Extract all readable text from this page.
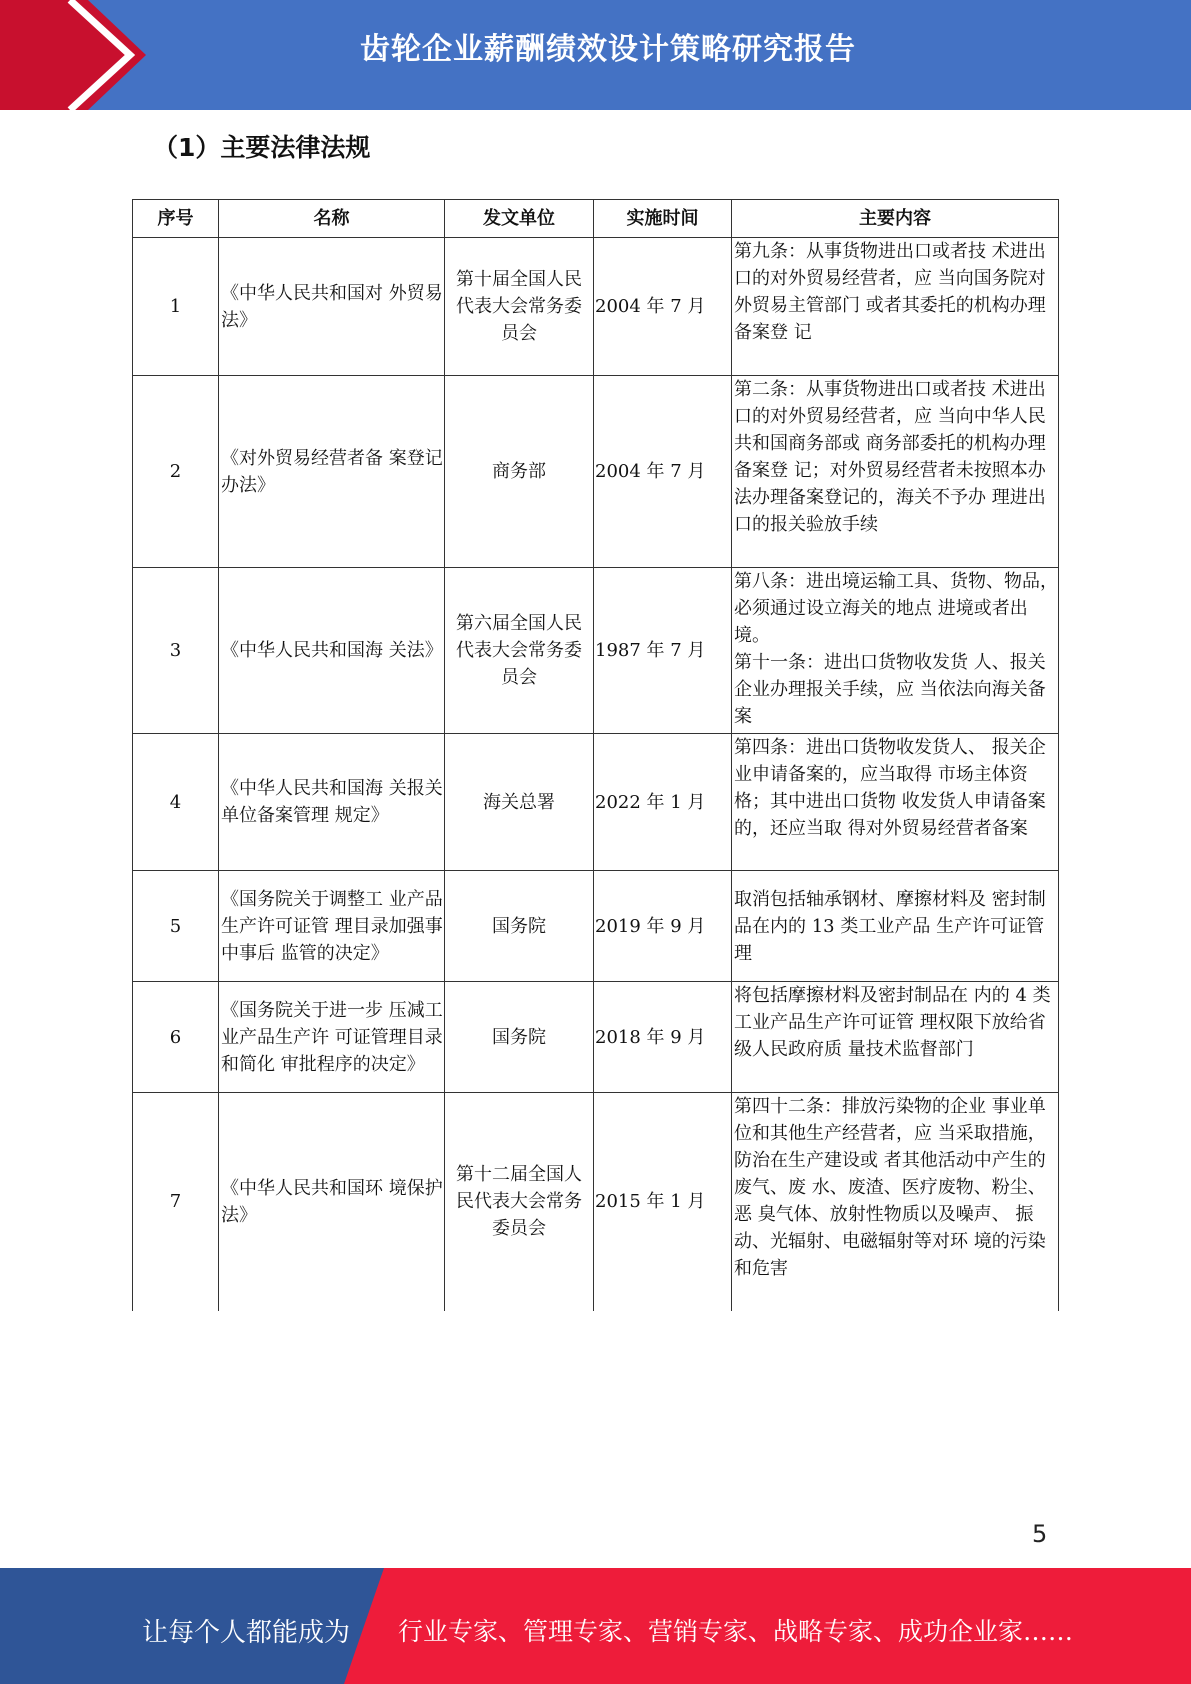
齿轮企业薪酬绩效设计策略研究报告
（1）主要法律法规
序号	名称	发文单位	实施时间	主要内容
1	《中华人民共和国对 外贸易法》	第十届全国人民代表大会常务委员会	2004 年 7 月	第九条：从事货物进出口或者技 术进出口的对外贸易经营者，应 当向国务院对外贸易主管部门 或者其委托的机构办理备案登 记
2	《对外贸易经营者备 案登记办法》	商务部	2004 年 7 月	第二条：从事货物进出口或者技 术进出口的对外贸易经营者，应 当向中华人民共和国商务部或 商务部委托的机构办理备案登 记；对外贸易经营者未按照本办 法办理备案登记的，海关不予办 理进出口的报关验放手续
3	《中华人民共和国海 关法》	第六届全国人民代表大会常务委员会	1987 年 7 月	第八条：进出境运输工具、货物、物品，必须通过设立海关的地点 进境或者出境。
第十一条：进出口货物收发货 人、报关企业办理报关手续，应 当依法向海关备案
4	《中华人民共和国海 关报关单位备案管理 规定》	海关总署	2022 年 1 月	第四条：进出口货物收发货人、 报关企业申请备案的，应当取得 市场主体资格；其中进出口货物 收发货人申请备案的，还应当取 得对外贸易经营者备案
5	《国务院关于调整工 业产品生产许可证管 理目录加强事中事后 监管的决定》	国务院	2019 年 9 月	取消包括轴承钢材、摩擦材料及 密封制品在内的 13 类工业产品 生产许可证管理
6	《国务院关于进一步 压减工业产品生产许 可证管理目录和简化 审批程序的决定》	国务院	2018 年 9 月	将包括摩擦材料及密封制品在 内的 4 类工业产品生产许可证管 理权限下放给省级人民政府质 量技术监督部门
7	《中华人民共和国环 境保护法》	第十二届全国人民代表大会常务委员会	2015 年 1 月	第四十二条：排放污染物的企业 事业单位和其他生产经营者，应 当采取措施，防治在生产建设或 者其他活动中产生的废气、废 水、废渣、医疗废物、粉尘、恶 臭气体、放射性物质以及噪声、 振动、光辐射、电磁辐射等对环 境的污染和危害
5
让每个人都能成为 行业专家、管理专家、营销专家、战略专家、成功企业家……
